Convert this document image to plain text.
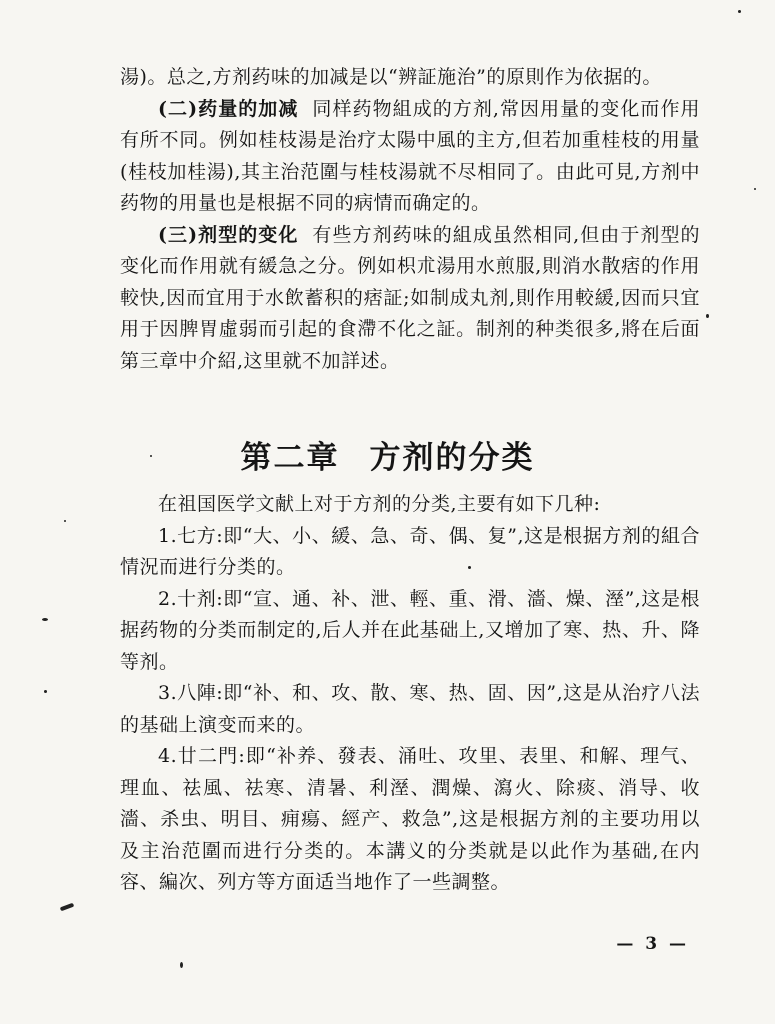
湯)。总之,方剂药味的加减是以“辨証施治”的原則作为依据的。

(二)药量的加减 同样药物組成的方剂,常因用量的变化而作用有所不同。例如桂枝湯是治疗太陽中風的主方,但若加重桂枝的用量(桂枝加桂湯),其主治范圍与桂枝湯就不尽相同了。由此可見,方剂中药物的用量也是根据不同的病情而确定的。

(三)剂型的变化 有些方剂药味的組成虽然相同,但由于剂型的变化而作用就有緩急之分。例如枳朮湯用水煎服,則消水散痞的作用較快,因而宜用于水飲蓄积的痞証;如制成丸剂,則作用較緩,因而只宜用于因脾胃虛弱而引起的食滯不化之証。制剂的种类很多,將在后面第三章中介紹,这里就不加詳述。

第二章 方剂的分类

在祖国医学文献上对于方剂的分类,主要有如下几种:

1.七方:即“大、小、緩、急、奇、偶、复”,这是根据方剂的組合情況而进行分类的。

2.十剂:即“宣、通、补、泄、輕、重、滑、濇、燥、溼”,这是根据药物的分类而制定的,后人并在此基础上,又增加了寒、热、升、降等剂。

3.八陣:即“补、和、攻、散、寒、热、固、因”,这是从治疗八法的基础上演变而来的。

4.廿二門:即“补养、發表、涌吐、攻里、表里、和解、理气、理血、祛風、祛寒、清暑、利溼、潤燥、瀉火、除痰、消导、收濇、杀虫、明目、痈瘍、經产、救急”,这是根据方剂的主要功用以及主治范圍而进行分类的。本講义的分类就是以此作为基础,在内容、編次、列方等方面适当地作了一些調整。

— 3 —
